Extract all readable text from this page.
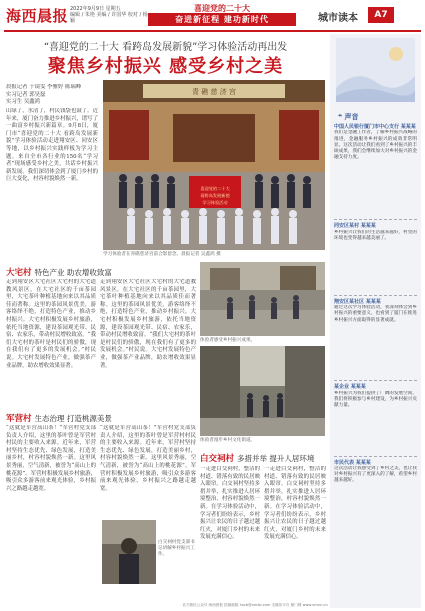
海西晨报 2022年9月9日 星期五
编辑 / 朱艳 美编 / 许国华 校对 / 杨颖
喜迎党的二十大
奋进新征程 建功新时代	城市读本	A7
“喜迎党的二十大 看跨岛发展新貌”学习体验活动再出发
聚焦乡村振兴 感受乡村之美
晨报记者 于镜雯 李雅婷 陈瑞峰
实习记者 郭昊磊
实习生 吴鑫鸿
山绿了，水清了，村民钱袋也鼓了。近年来，厦门奋力推进乡村振兴，谱写了一曲富乡村振兴新篇章。9月8日，厦门市“喜迎党的二十大 看跨岛发展新貌”学习体验活动走进翔安区、同安区等地，以乡村振兴实践样板为学习主题。来自全市各行业的150名“学习者”现场感受乡村之美，共话乡村振兴新发展。我们深切体会到了厦门乡村的巨大变化，村容村貌焕然一新。
青 礁 慈 济 宫
喜迎党的二十大
看跨岛发展新貌
学习体验活动
学习体验者在青礁慈济宫前合影留念。晨报记者 吴鑫鸿 摄
大宅村 特色产业 助农增收致富
走到翔安区大宅社区大宅村的大宅道教风景区，在大宅社区的千亩茶园里，大宅茶叶种植基地向来以其品质佳而著称。这里的茶园风景优美，游客络绎不绝，打造特色产业，推动乡村振兴。大宅村积极发展乡村旅游，依托当地资源，建设茶园观光带、民宿、农家乐，带动村民增收致富。“我们大宅村的茶叶是村民们的骄傲，现在我们有了更多的发展机会。”村民说。大宅村发展特色产业，做强茶产业品牌，助农增收效果显著。
走到翔安区大宅社区大宅村的大宅道教风景区，在大宅社区的千亩茶园里，大宅茶叶种植基地向来以其品质佳而著称。这里的茶园风景优美，游客络绎不绝，打造特色产业，推动乡村振兴。大宅村积极发展乡村旅游，依托当地资源，建设茶园观光带、民宿、农家乐，带动村民增收致富。“我们大宅村的茶叶是村民们的骄傲，现在我们有了更多的发展机会。”村民说。大宅村发展特色产业，做强茶产业品牌，助农增收效果显著。
体验者感受乡村振兴成果。
军营村 生态治理 打造桃源美景
“这就是军营高山茶！”军营村党支部负责人介绍，这里的茶叶曾是军营村村民的主要收入来源。近年来，军营村坚持生态优先、绿色发展，打造美丽乡村，村容村貌焕然一新。这里风景秀丽，空气清新，被誉为“高山上的桃花源”。军营村积极发展乡村旅游，吸引众多游客前来观光体验，乡村振兴之路越走越宽。
“这就是军营高山茶！”军营村党支部负责人介绍，这里的茶叶曾是军营村村民的主要收入来源。近年来，军营村坚持生态优先、绿色发展，打造美丽乡村，村容村貌焕然一新。这里风景秀丽，空气清新，被誉为“高山上的桃花源”。军营村积极发展乡村旅游，吸引众多游客前来观光体验，乡村振兴之路越走越宽。
体验者漫步乡村文化街道。
白交祠村 多措并举 提升人居环境
一走进白交祠村，整洁的村道、错落有致的民居映入眼帘。白交祠村坚持多措并举，扎实推进人居环境整治，村容村貌焕然一新。在学习体验活动中，学习者们纷纷表示，乡村振兴让农民的日子越过越红火，对厦门乡村的未来发展充满信心。
一走进白交祠村，整洁的村道、错落有致的民居映入眼帘。白交祠村坚持多措并举，扎实推进人居环境整治，村容村貌焕然一新。在学习体验活动中，学习者们纷纷表示，乡村振兴让农民的日子越过越红火，对厦门乡村的未来发展充满信心。
白交祠村党支部书记讲解乡村振兴工作。
❝ 声音
中国人民银行厦门市中心支行 某某某
我们是金融工作者，了解乡村振兴战略的推进，金融服务乡村振兴的成效非常明显。这次活动让我们看到了乡村振兴的丰硕成果，我们会继续加大对乡村振兴的金融支持力度。
同安区某村 某某某
乡村振兴让我们的生活越来越好，村里的环境也变得越来越美丽了。
翔安区某社区 某某某
通过这次学习体验活动，我深刻体会到乡村振兴的重要意义，也看到了厦门在推进乡村振兴方面取得的显著成就。
某企业 某某某
乡村振兴为我们提供了广阔的发展空间，我们将积极参与乡村建设，为乡村振兴贡献力量。
市民代表 某某某
这次活动让我感受到了乡村之美，也让我对乡村振兴有了更深入的了解，希望乡村越来越好。
官方微信公众号 海西晨报 投稿邮箱 hxcb@xmzb.com 全媒体平台 厦门网 www.xmnn.cn
